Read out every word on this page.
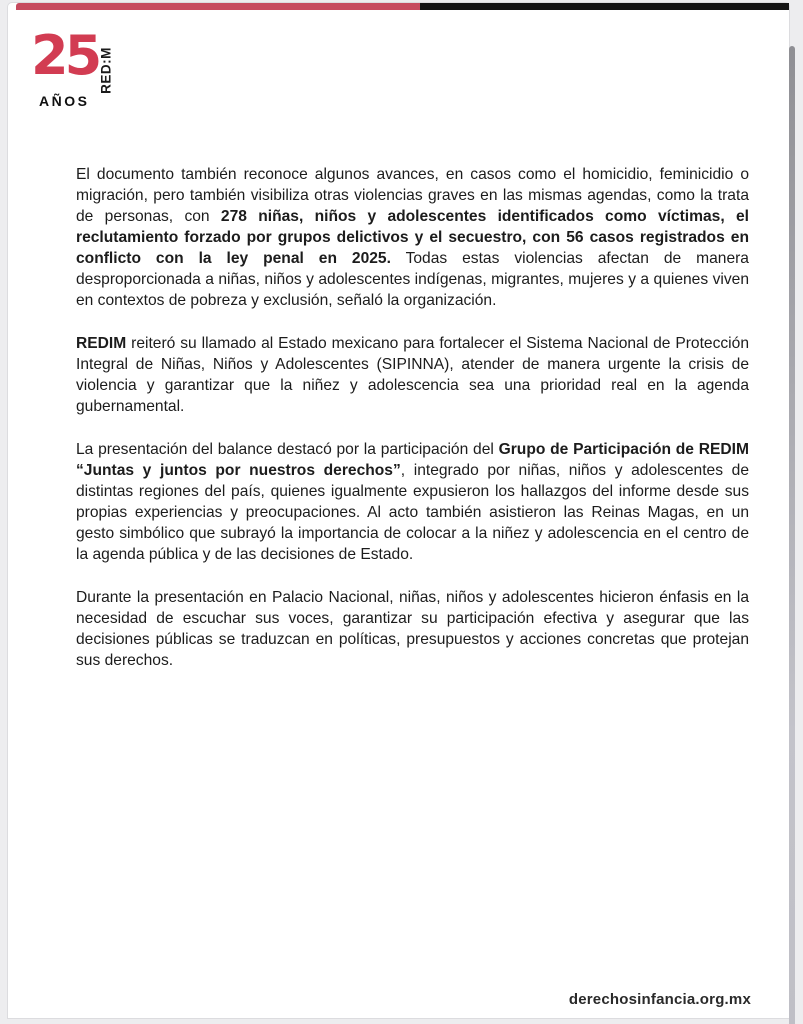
25 RED:M
AÑOS

El documento también reconoce algunos avances, en casos como el homicidio, feminicidio o migración, pero también visibiliza otras violencias graves en las mismas agendas, como la trata de personas, con 278 niñas, niños y adolescentes identificados como víctimas, el reclutamiento forzado por grupos delictivos y el secuestro, con 56 casos registrados en conflicto con la ley penal en 2025. Todas estas violencias afectan de manera desproporcionada a niñas, niños y adolescentes indígenas, migrantes, mujeres y a quienes viven en contextos de pobreza y exclusión, señaló la organización.

REDIM reiteró su llamado al Estado mexicano para fortalecer el Sistema Nacional de Protección Integral de Niñas, Niños y Adolescentes (SIPINNA), atender de manera urgente la crisis de violencia y garantizar que la niñez y adolescencia sea una prioridad real en la agenda gubernamental.

La presentación del balance destacó por la participación del Grupo de Participación de REDIM “Juntas y juntos por nuestros derechos”, integrado por niñas, niños y adolescentes de distintas regiones del país, quienes igualmente expusieron los hallazgos del informe desde sus propias experiencias y preocupaciones. Al acto también asistieron las Reinas Magas, en un gesto simbólico que subrayó la importancia de colocar a la niñez y adolescencia en el centro de la agenda pública y de las decisiones de Estado.

Durante la presentación en Palacio Nacional, niñas, niños y adolescentes hicieron énfasis en la necesidad de escuchar sus voces, garantizar su participación efectiva y asegurar que las decisiones públicas se traduzcan en políticas, presupuestos y acciones concretas que protejan sus derechos.

derechosinfancia.org.mx
